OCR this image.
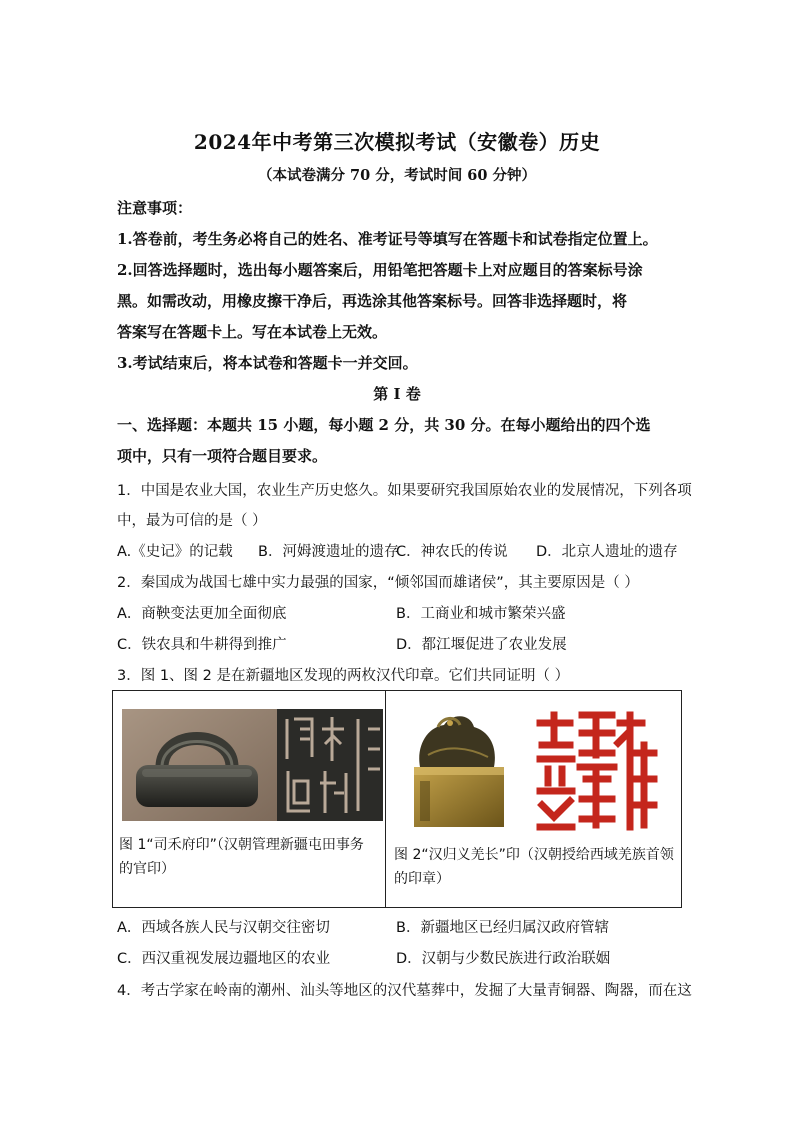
2024年中考第三次模拟考试（安徽卷）历史
（本试卷满分 70 分，考试时间 60 分钟）
注意事项：
1.答卷前，考生务必将自己的姓名、准考证号等填写在答题卡和试卷指定位置上。
2.回答选择题时，选出每小题答案后，用铅笔把答题卡上对应题目的答案标号涂
黑。如需改动，用橡皮擦干净后，再选涂其他答案标号。回答非选择题时，将
答案写在答题卡上。写在本试卷上无效。
3.考试结束后，将本试卷和答题卡一并交回。
第 I 卷
一、选择题：本题共 15 小题，每小题 2 分，共 30 分。在每小题给出的四个选
项中，只有一项符合题目要求。
1．中国是农业大国，农业生产历史悠久。如果要研究我国原始农业的发展情况，下列各项
中，最为可信的是（ ）
A.《史记》的记载 B．河姆渡遗址的遗存
C．神农氏的传说 D．北京人遗址的遗存
2．秦国成为战国七雄中实力最强的国家，“倾邻国而雄诸侯”，其主要原因是（ ）
A．商鞅变法更加全面彻底	B．工商业和城市繁荣兴盛
C．铁农具和牛耕得到推广	D．都江堰促进了农业发展
3．图 1、图 2 是在新疆地区发现的两枚汉代印章。它们共同证明（ ）
图 1“司禾府印”（汉朝管理新疆屯田事务
的官印）
图 2“汉归义羌长”印（汉朝授给西域羌族首领
的印章）
A．西域各族人民与汉朝交往密切	B．新疆地区已经归属汉政府管辖
C．西汉重视发展边疆地区的农业	D．汉朝与少数民族进行政治联姻
4．考古学家在岭南的潮州、汕头等地区的汉代墓葬中，发掘了大量青铜器、陶器，而在这
